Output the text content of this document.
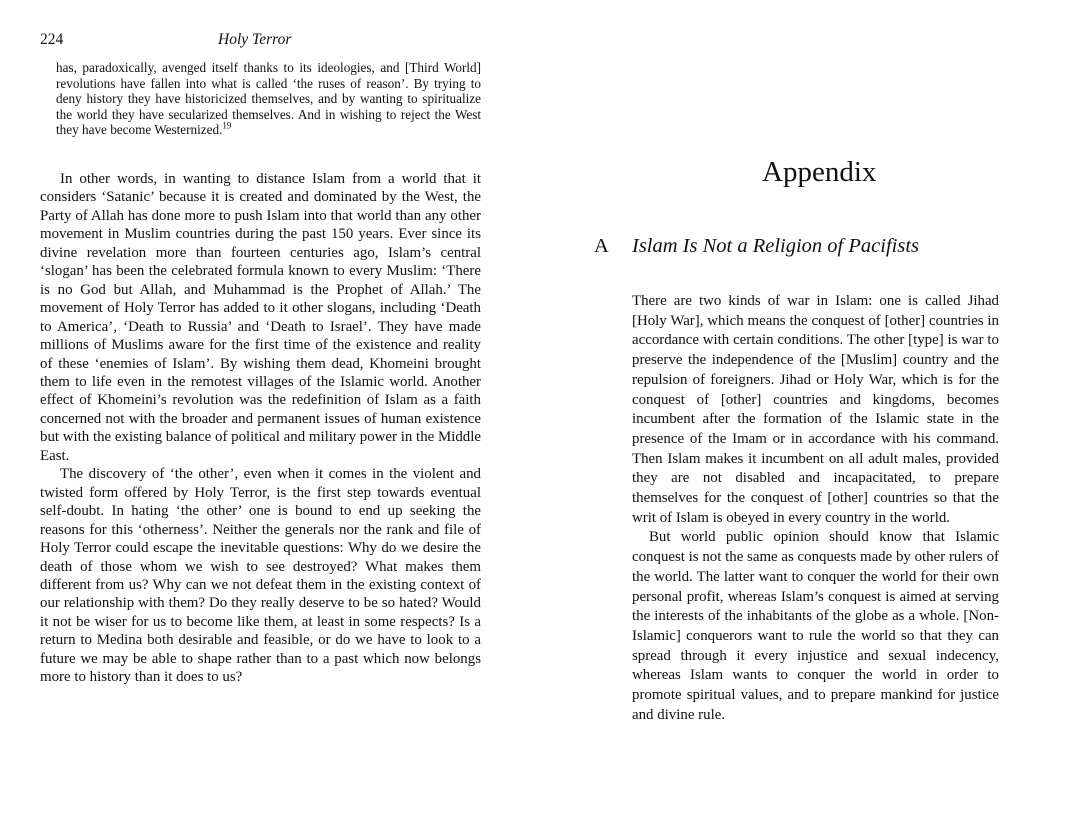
224	Holy Terror

has, paradoxically, avenged itself thanks to its ideologies, and [Third World] revolutions have fallen into what is called ‘the ruses of reason’. By trying to deny history they have historicized themselves, and by wanting to spiritualize the world they have secularized themselves. And in wishing to reject the West they have become Westernized.$^{19}$

In other words, in wanting to distance Islam from a world that it considers ‘Satanic’ because it is created and dominated by the West, the Party of Allah has done more to push Islam into that world than any other movement in Muslim countries during the past 150 years. Ever since its divine revelation more than fourteen centuries ago, Islam’s central ‘slogan’ has been the celebrated formula known to every Muslim: ‘There is no God but Allah, and Muhammad is the Prophet of Allah.’ The movement of Holy Terror has added to it other slogans, including ‘Death to America’, ‘Death to Russia’ and ‘Death to Israel’. They have made millions of Muslims aware for the first time of the existence and reality of these ‘enemies of Islam’. By wishing them dead, Khomeini brought them to life even in the remotest villages of the Islamic world. Another effect of Khomeini’s revolution was the redefinition of Islam as a faith concerned not with the broader and permanent issues of human existence but with the existing balance of political and military power in the Middle East.

The discovery of ‘the other’, even when it comes in the violent and twisted form offered by Holy Terror, is the first step towards eventual self-doubt. In hating ‘the other’ one is bound to end up seeking the reasons for this ‘otherness’. Neither the generals nor the rank and file of Holy Terror could escape the inevitable questions: Why do we desire the death of those whom we wish to see destroyed? What makes them different from us? Why can we not defeat them in the existing context of our relationship with them? Do they really deserve to be so hated? Would it not be wiser for us to become like them, at least in some respects? Is a return to Medina both desirable and feasible, or do we have to look to a future we may be able to shape rather than to a past which now belongs more to history than it does to us?

Appendix
A Islam Is Not a Religion of Pacifists

There are two kinds of war in Islam: one is called Jihad [Holy War], which means the conquest of [other] countries in accordance with certain conditions. The other [type] is war to preserve the independence of the [Muslim] country and the repulsion of foreigners. Jihad or Holy War, which is for the conquest of [other] countries and kingdoms, becomes incumbent after the formation of the Islamic state in the presence of the Imam or in accordance with his command. Then Islam makes it incumbent on all adult males, provided they are not disabled and incapacitated, to prepare themselves for the conquest of [other] countries so that the writ of Islam is obeyed in every country in the world.

But world public opinion should know that Islamic conquest is not the same as conquests made by other rulers of the world. The latter want to conquer the world for their own personal profit, whereas Islam’s conquest is aimed at serving the interests of the inhabitants of the globe as a whole. [Non-Islamic] conquerors want to rule the world so that they can spread through it every injustice and sexual indecency, whereas Islam wants to conquer the world in order to promote spiritual values, and to prepare mankind for justice and divine rule.
